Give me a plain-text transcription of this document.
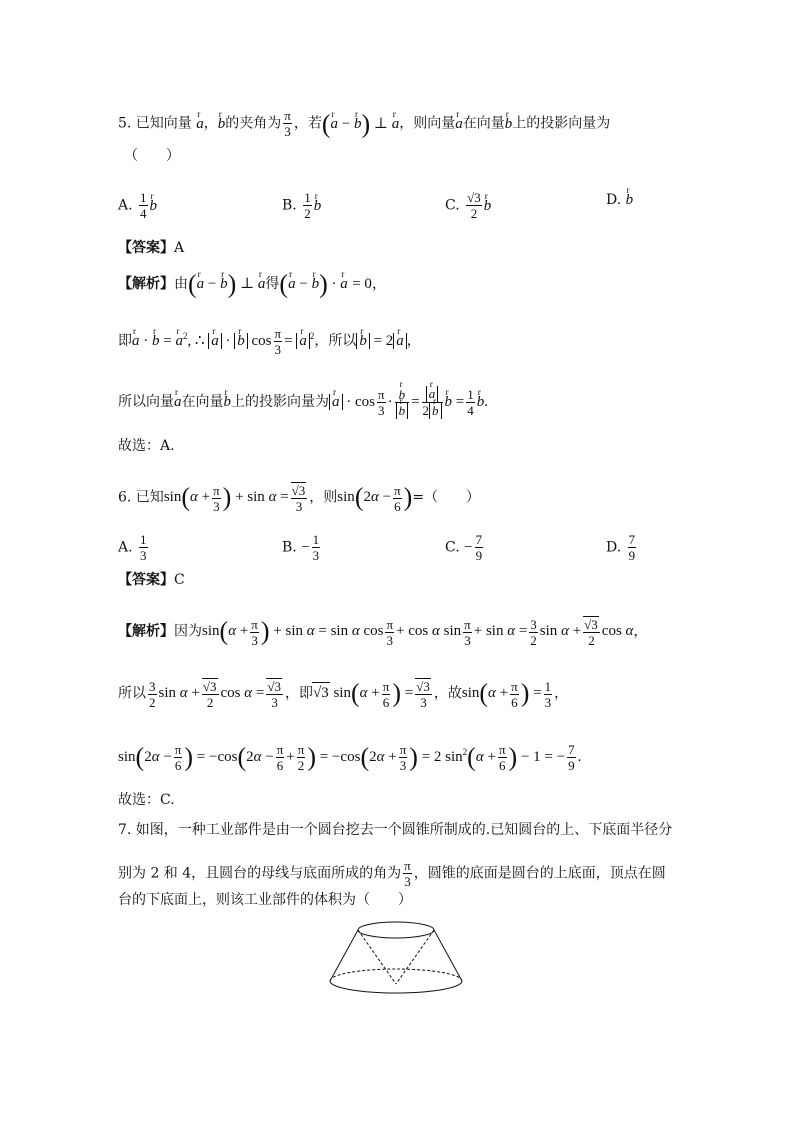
5. 已知向量 r a，r b的夹角为 $\frac{\pi}{3}$ ，若(r a − r b) ⊥ r a，则向量r a在向量r b上的投影向量为
（　　）
A. $\frac{1}{4}$
r b	B. $\frac{1}{2}$
r b	C. $\frac{√3}{2}$
r b	D. r b
【答案】A
【解析】由(r a − r b) ⊥ r a得(r a − r b) · r a = 0，
即r a · r b = r $a^2$, ∴ r a · r b $\cos \frac{\pi}{3} = r$ a $^2$，所以r b = 2r a ，
所以向量r a在向量r b上的投影向量为r $a \cdot \cos \frac{\pi}{3}$ ·
r b
r b =
r $\frac{a}{\text{2r b}}$
r $b = \frac{1}{4}$
r b.
故选：A.
6. 已知$\sin(\alpha + \frac{\pi}{3}$ ) + $\sin \alpha = \frac{√3}{3}$ ，则$\sin(2\alpha - \frac{\pi}{6}$ )=（　　）
A. $\frac{1}{3}$	B. − $\frac{1}{3}$	C. − $\frac{7}{9}$	D. $\frac{7}{9}$
【答案】C
【解析】因为$\sin(\alpha + \frac{\pi}{3}$ ) + sin α = sin α $\cos \frac{\pi}{3} + \cos \alpha$ $\sin \frac{\pi}{3} + \sin \alpha = \frac{3}{2}$ $\sin \alpha + \frac{√3}{2}$ cos α，
所以 $\frac{3}{2}$ $\sin \alpha + \frac{√3}{2}$ $\cos \alpha = \frac{√3}{3}$ ，即√3 $\sin(\alpha + \frac{\pi}{6}$ ) = $\frac{√3}{3}$ ，故$\sin(\alpha + \frac{\pi}{6}$ ) = $\frac{1}{3}$ ，
$\sin(2\alpha - \frac{\pi}{6}$ ) = $-\cos(2\alpha - \frac{\pi}{6} + \frac{\pi}{2}$ ) = $-\cos(2\alpha + \frac{\pi}{3}$ ) = 2 $\sin^2(\alpha + \frac{\pi}{6}$ ) − 1 = − $\frac{7}{9}$ .
故选：C.
7. 如图，一种工业部件是由一个圆台挖去一个圆锥所制成的.已知圆台的上、下底面半径分
别为 2 和 4，且圆台的母线与底面所成的角为 $\frac{\pi}{3}$ ，圆锥的底面是圆台的上底面，顶点在圆
台的下底面上，则该工业部件的体积为（　　）
